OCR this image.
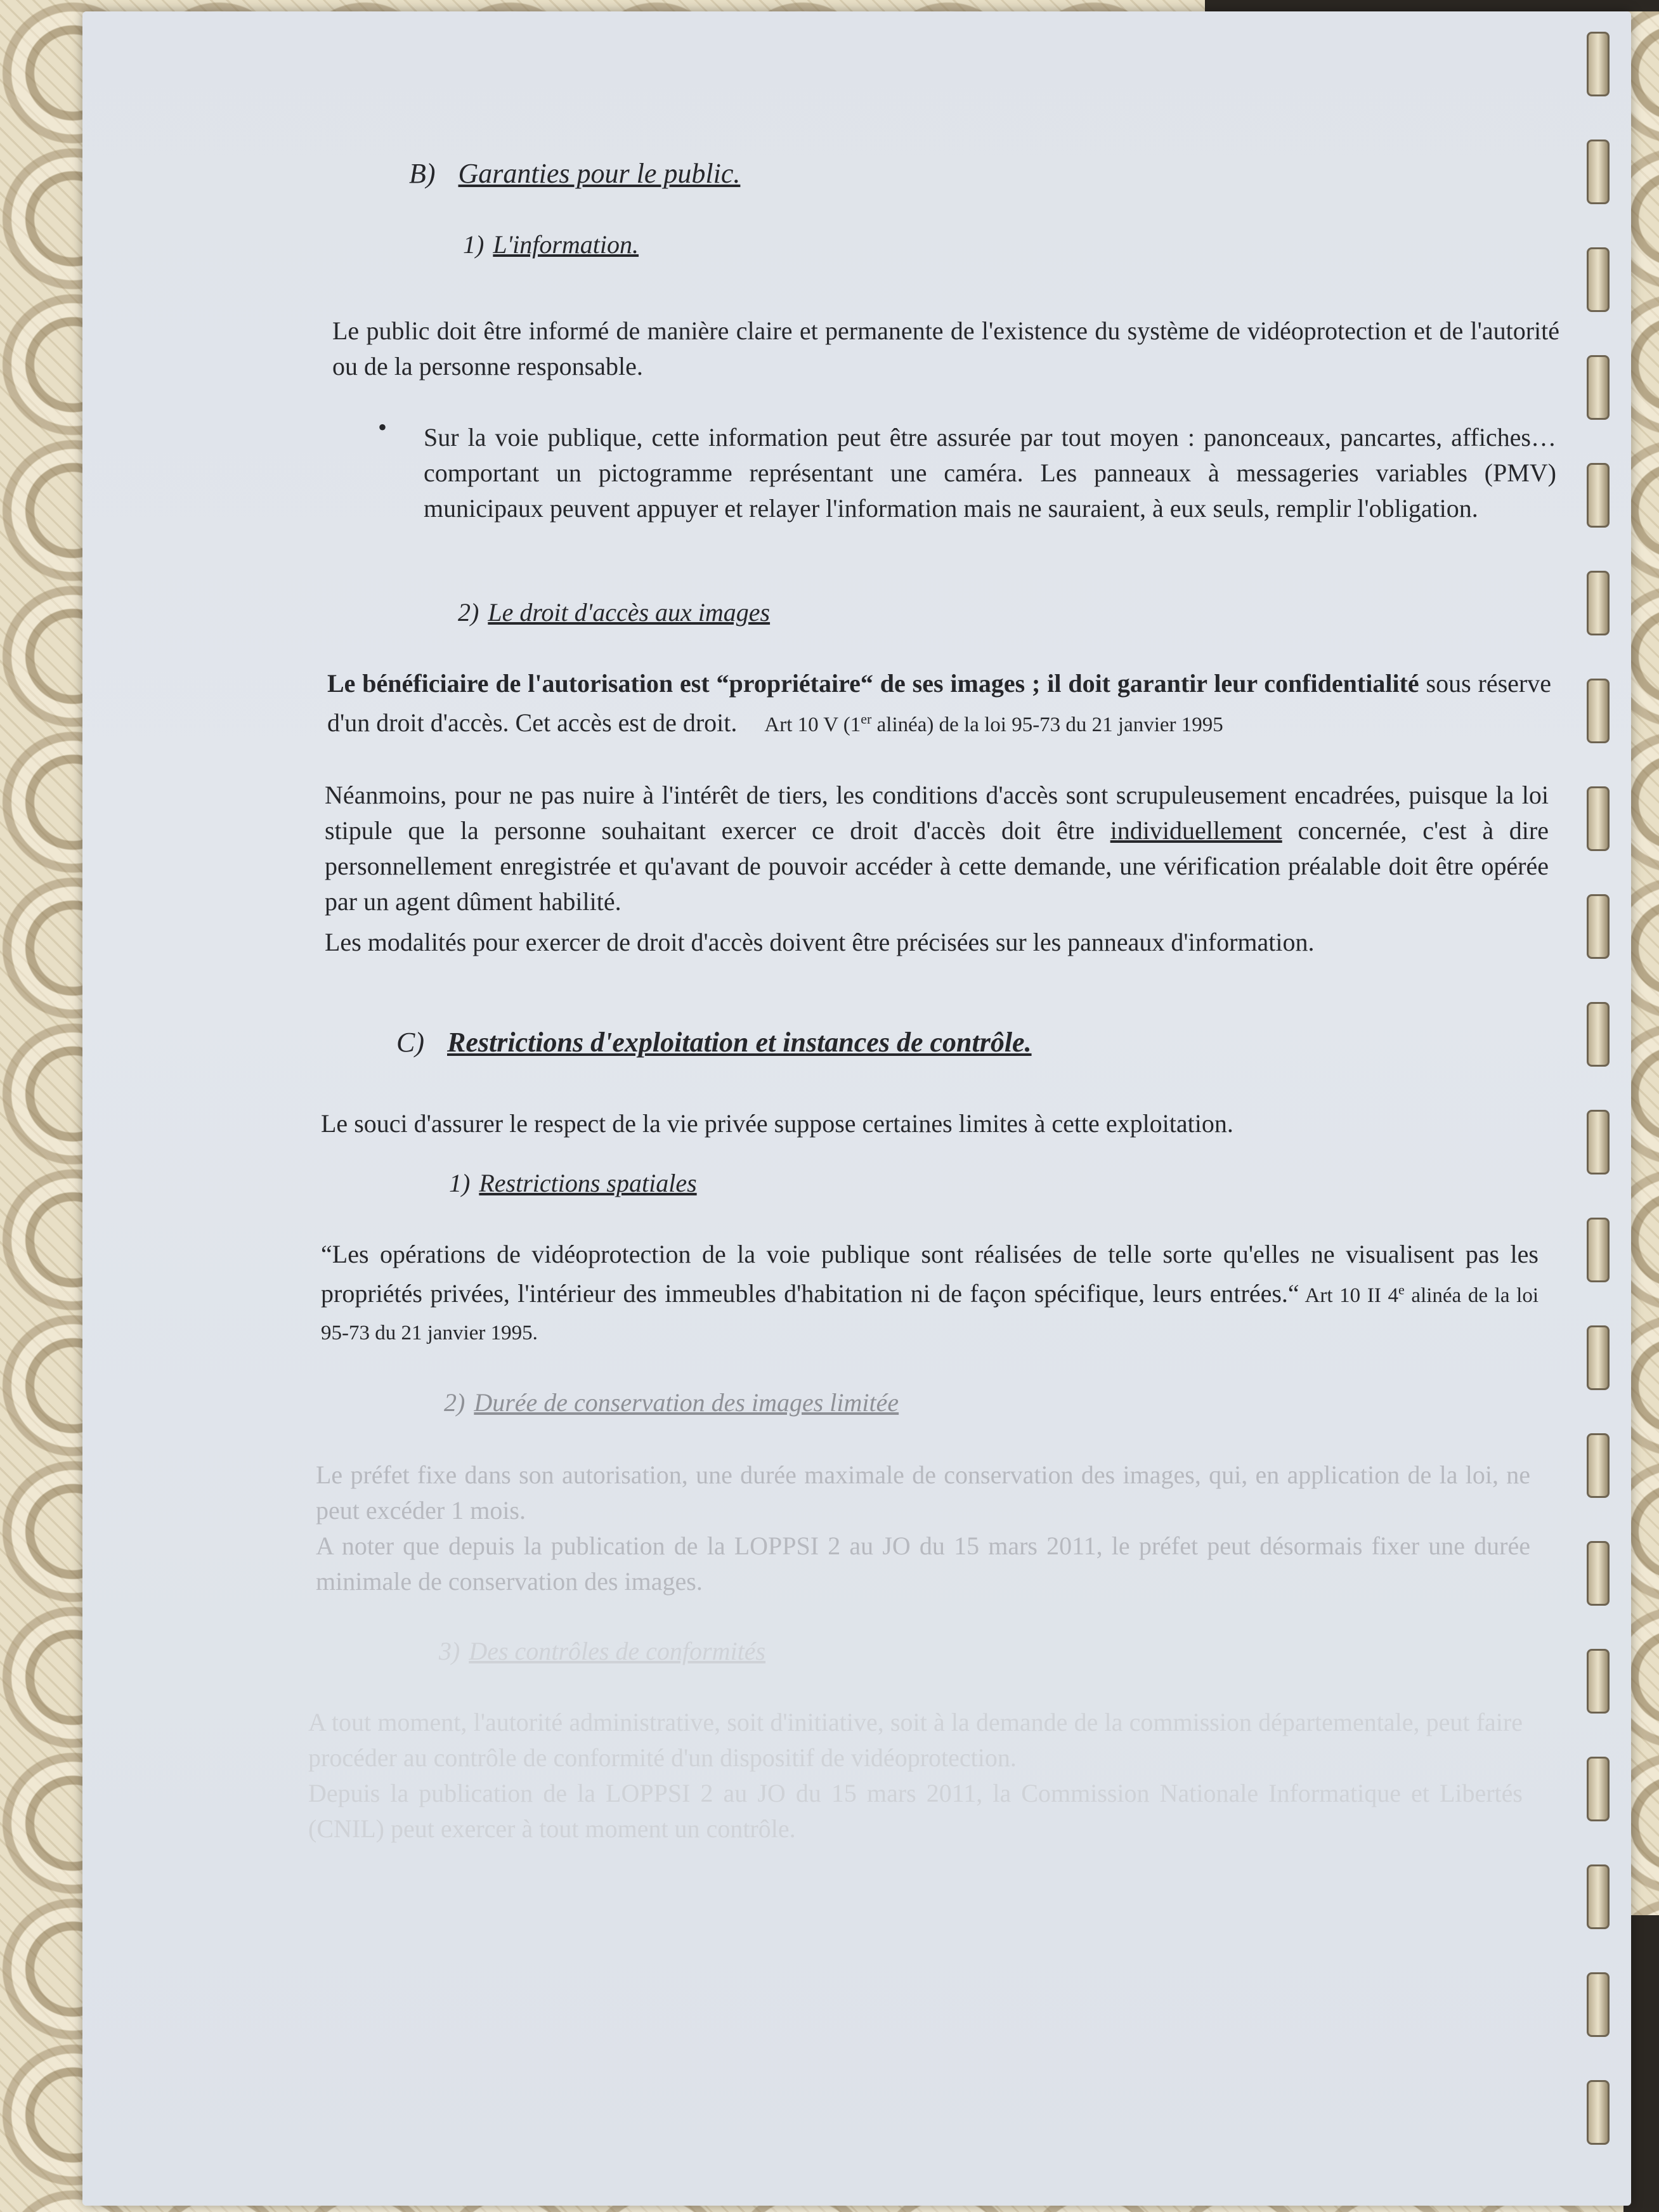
B) Garanties pour le public.
1) L'information.
Le public doit être informé de manière claire et permanente de l'existence du système de vidéoprotection et de l'autorité ou de la personne responsable.
• Sur la voie publique, cette information peut être assurée par tout moyen : panonceaux, pancartes, affiches… comportant un pictogramme représentant une caméra. Les panneaux à messageries variables (PMV) municipaux peuvent appuyer et relayer l'information mais ne sauraient, à eux seuls, remplir l'obligation.
2) Le droit d'accès aux images
Le bénéficiaire de l'autorisation est “propriétaire“ de ses images ; il doit garantir leur confidentialité sous réserve d'un droit d'accès. Cet accès est de droit. Art 10 V (1er alinéa) de la loi 95-73 du 21 janvier 1995
Néanmoins, pour ne pas nuire à l'intérêt de tiers, les conditions d'accès sont scrupuleusement encadrées, puisque la loi stipule que la personne souhaitant exercer ce droit d'accès doit être individuellement concernée, c'est à dire personnellement enregistrée et qu'avant de pouvoir accéder à cette demande, une vérification préalable doit être opérée par un agent dûment habilité.
Les modalités pour exercer de droit d'accès doivent être précisées sur les panneaux d'information.
C) Restrictions d'exploitation et instances de contrôle.
Le souci d'assurer le respect de la vie privée suppose certaines limites à cette exploitation.
1) Restrictions spatiales
“Les opérations de vidéoprotection de la voie publique sont réalisées de telle sorte qu'elles ne visualisent pas les propriétés privées, l'intérieur des immeubles d'habitation ni de façon spécifique, leurs entrées.“ Art 10 II 4e alinéa de la loi 95-73 du 21 janvier 1995.
2) Durée de conservation des images limitée
Le préfet fixe dans son autorisation, une durée maximale de conservation des images, qui, en application de la loi, ne peut excéder 1 mois.
A noter que depuis la publication de la LOPPSI 2 au JO du 15 mars 2011, le préfet peut désormais fixer une durée minimale de conservation des images.
3) Des contrôles de conformités
A tout moment, l'autorité administrative, soit d'initiative, soit à la demande de la commission départementale, peut faire procéder au contrôle de conformité d'un dispositif de vidéoprotection.
Depuis la publication de la LOPPSI 2 au JO du 15 mars 2011, la Commission Nationale Informatique et Libertés (CNIL) peut exercer à tout moment un contrôle.
